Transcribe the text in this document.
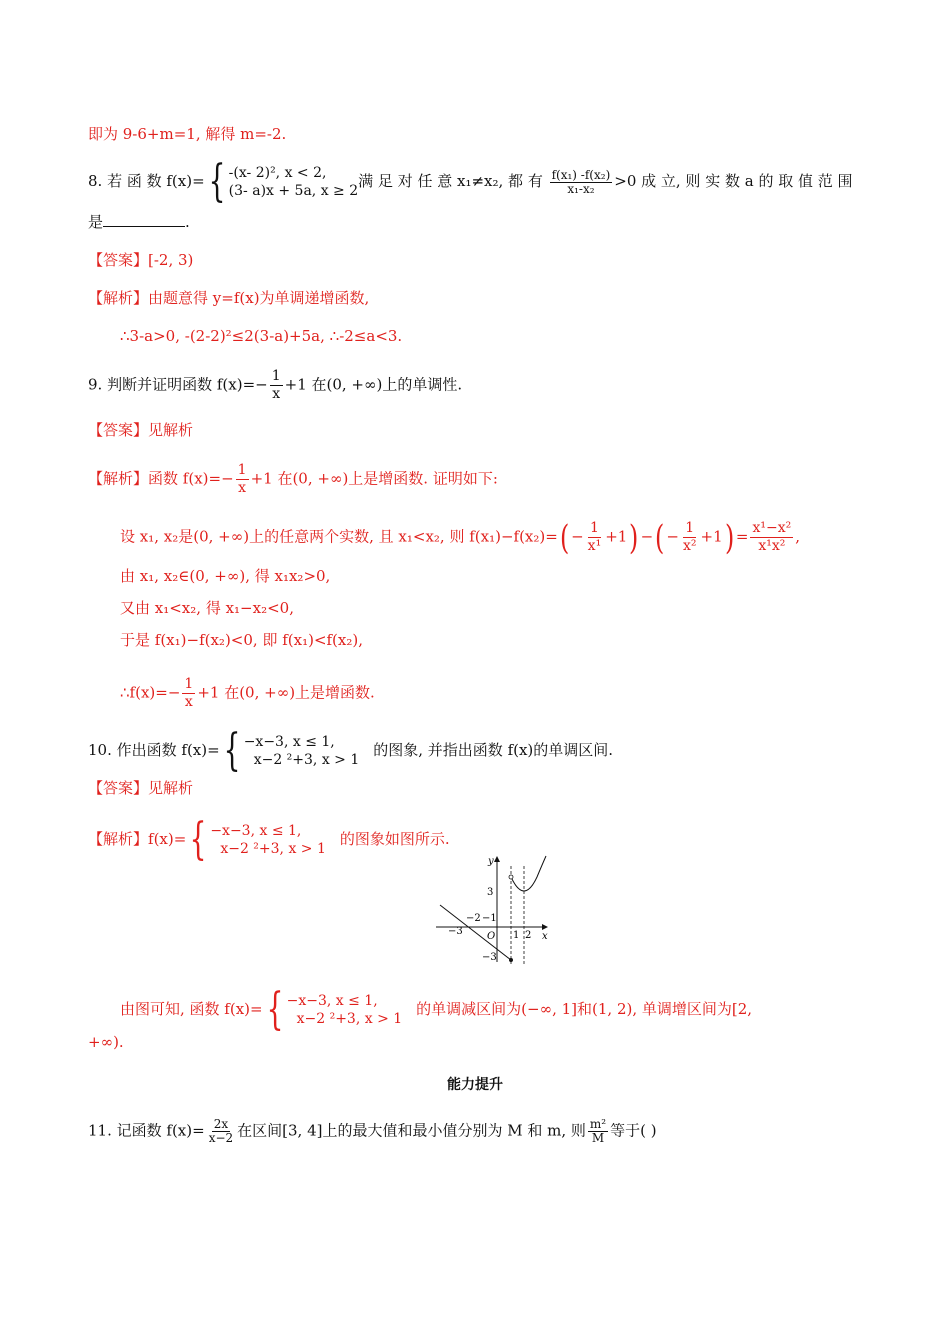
即为 9-6+m=1, 解得 m=-2.
8. 若 函 数 f(x)={ -(x- 2)², x < 2,
(3- a)x + 5a, x ≥ 2满 足 对 任 意 x₁≠x₂, 都 有 $\frac{\text{f(x₁) -f(x₂)}}{\text{x₁-x₂}} >0$ 成 立, 则 实 数 a 的 取 值 范 围
是	.
【答案】[-2, 3)
【解析】由题意得 y=f(x)为单调递增函数,
∴3-a>0, -(2-2)²≤2(3-a)+5a, ∴-2≤a<3.
9. 判断并证明函数 $f(x)=- \frac{1}{x} +1$ 在(0, +∞)上的单调性.
【答案】见解析
【解析】函数 $f(x)=- \frac{1}{x} +1$ 在(0, +∞)上是增函数. 证明如下:
设 x₁, x₂是(0, +∞)上的任意两个实数, 且 x₁<x₂, 则 $f(x_1)-f(x_2)=( - \frac{1}{\text{x¹}} +1)$ −( − $\frac{1}{\text{x²}} +1) = \frac{\text{x¹−x²}}{\text{x¹x²}}$ ,
由 x₁, x₂∈(0, +∞), 得 x₁x₂>0,
又由 x₁<x₂, 得 x₁−x₂<0,
于是 f(x₁)−f(x₂)<0, 即 f(x₁)<f(x₂),
∴f(x)=− $\frac{1}{x} +1$ 在(0, +∞)上是增函数.
10. 作出函数 f(x)={ −x−3, x ≤ 1,
x−2 ²+3, x > 1的图象, 并指出函数 f(x)的单调区间.
【答案】见解析
【解析】f(x)={ −x−3, x ≤ 1,
x−2 ²+3, x > 1的图象如图所示.
y
x
O
3
−3
−3
−2 −1
1 2
由图可知, 函数 f(x)={ −x−3, x ≤ 1,
x−2 ²+3, x > 1的单调减区间为(−∞, 1]和(1, 2), 单调增区间为[2,
+∞).
能力提升
11. 记函数 $f(x)= \frac{2x}{x-2}$ 在区间[3, 4]上的最大值和最小值分别为 M 和 m, 则 $\frac{\text{m²}}{M}$ 等于( )
